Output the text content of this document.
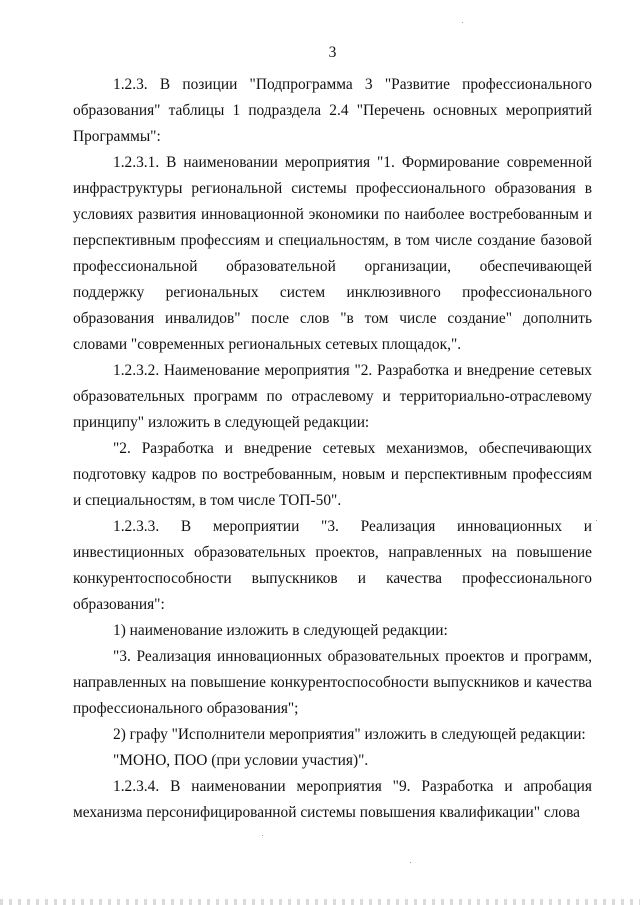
3

1.2.3. В позиции "Подпрограмма 3 "Развитие профессионального образования" таблицы 1 подраздела 2.4 "Перечень основных мероприятий Программы":

1.2.3.1. В наименовании мероприятия "1. Формирование современной инфраструктуры региональной системы профессионального образования в условиях развития инновационной экономики по наиболее востребованным и перспективным профессиям и специальностям, в том числе создание базовой профессиональной образовательной организации, обеспечивающей поддержку региональных систем инклюзивного профессионального образования инвалидов" после слов "в том числе создание" дополнить словами "современных региональных сетевых площадок,".

1.2.3.2. Наименование мероприятия "2. Разработка и внедрение сетевых образовательных программ по отраслевому и территориально-отраслевому принципу" изложить в следующей редакции:

"2. Разработка и внедрение сетевых механизмов, обеспечивающих подготовку кадров по востребованным, новым и перспективным профессиям и специальностям, в том числе ТОП-50".

1.2.3.3. В мероприятии "3. Реализация инновационных и инвестиционных образовательных проектов, направленных на повышение конкурентоспособности выпускников и качества профессионального образования":

1) наименование изложить в следующей редакции:

"3. Реализация инновационных образовательных проектов и программ, направленных на повышение конкурентоспособности выпускников и качества профессионального образования";

2) графу "Исполнители мероприятия" изложить в следующей редакции:

"МОНО, ПОО (при условии участия)".

1.2.3.4. В наименовании мероприятия "9. Разработка и апробация механизма персонифицированной системы повышения квалификации" слова
